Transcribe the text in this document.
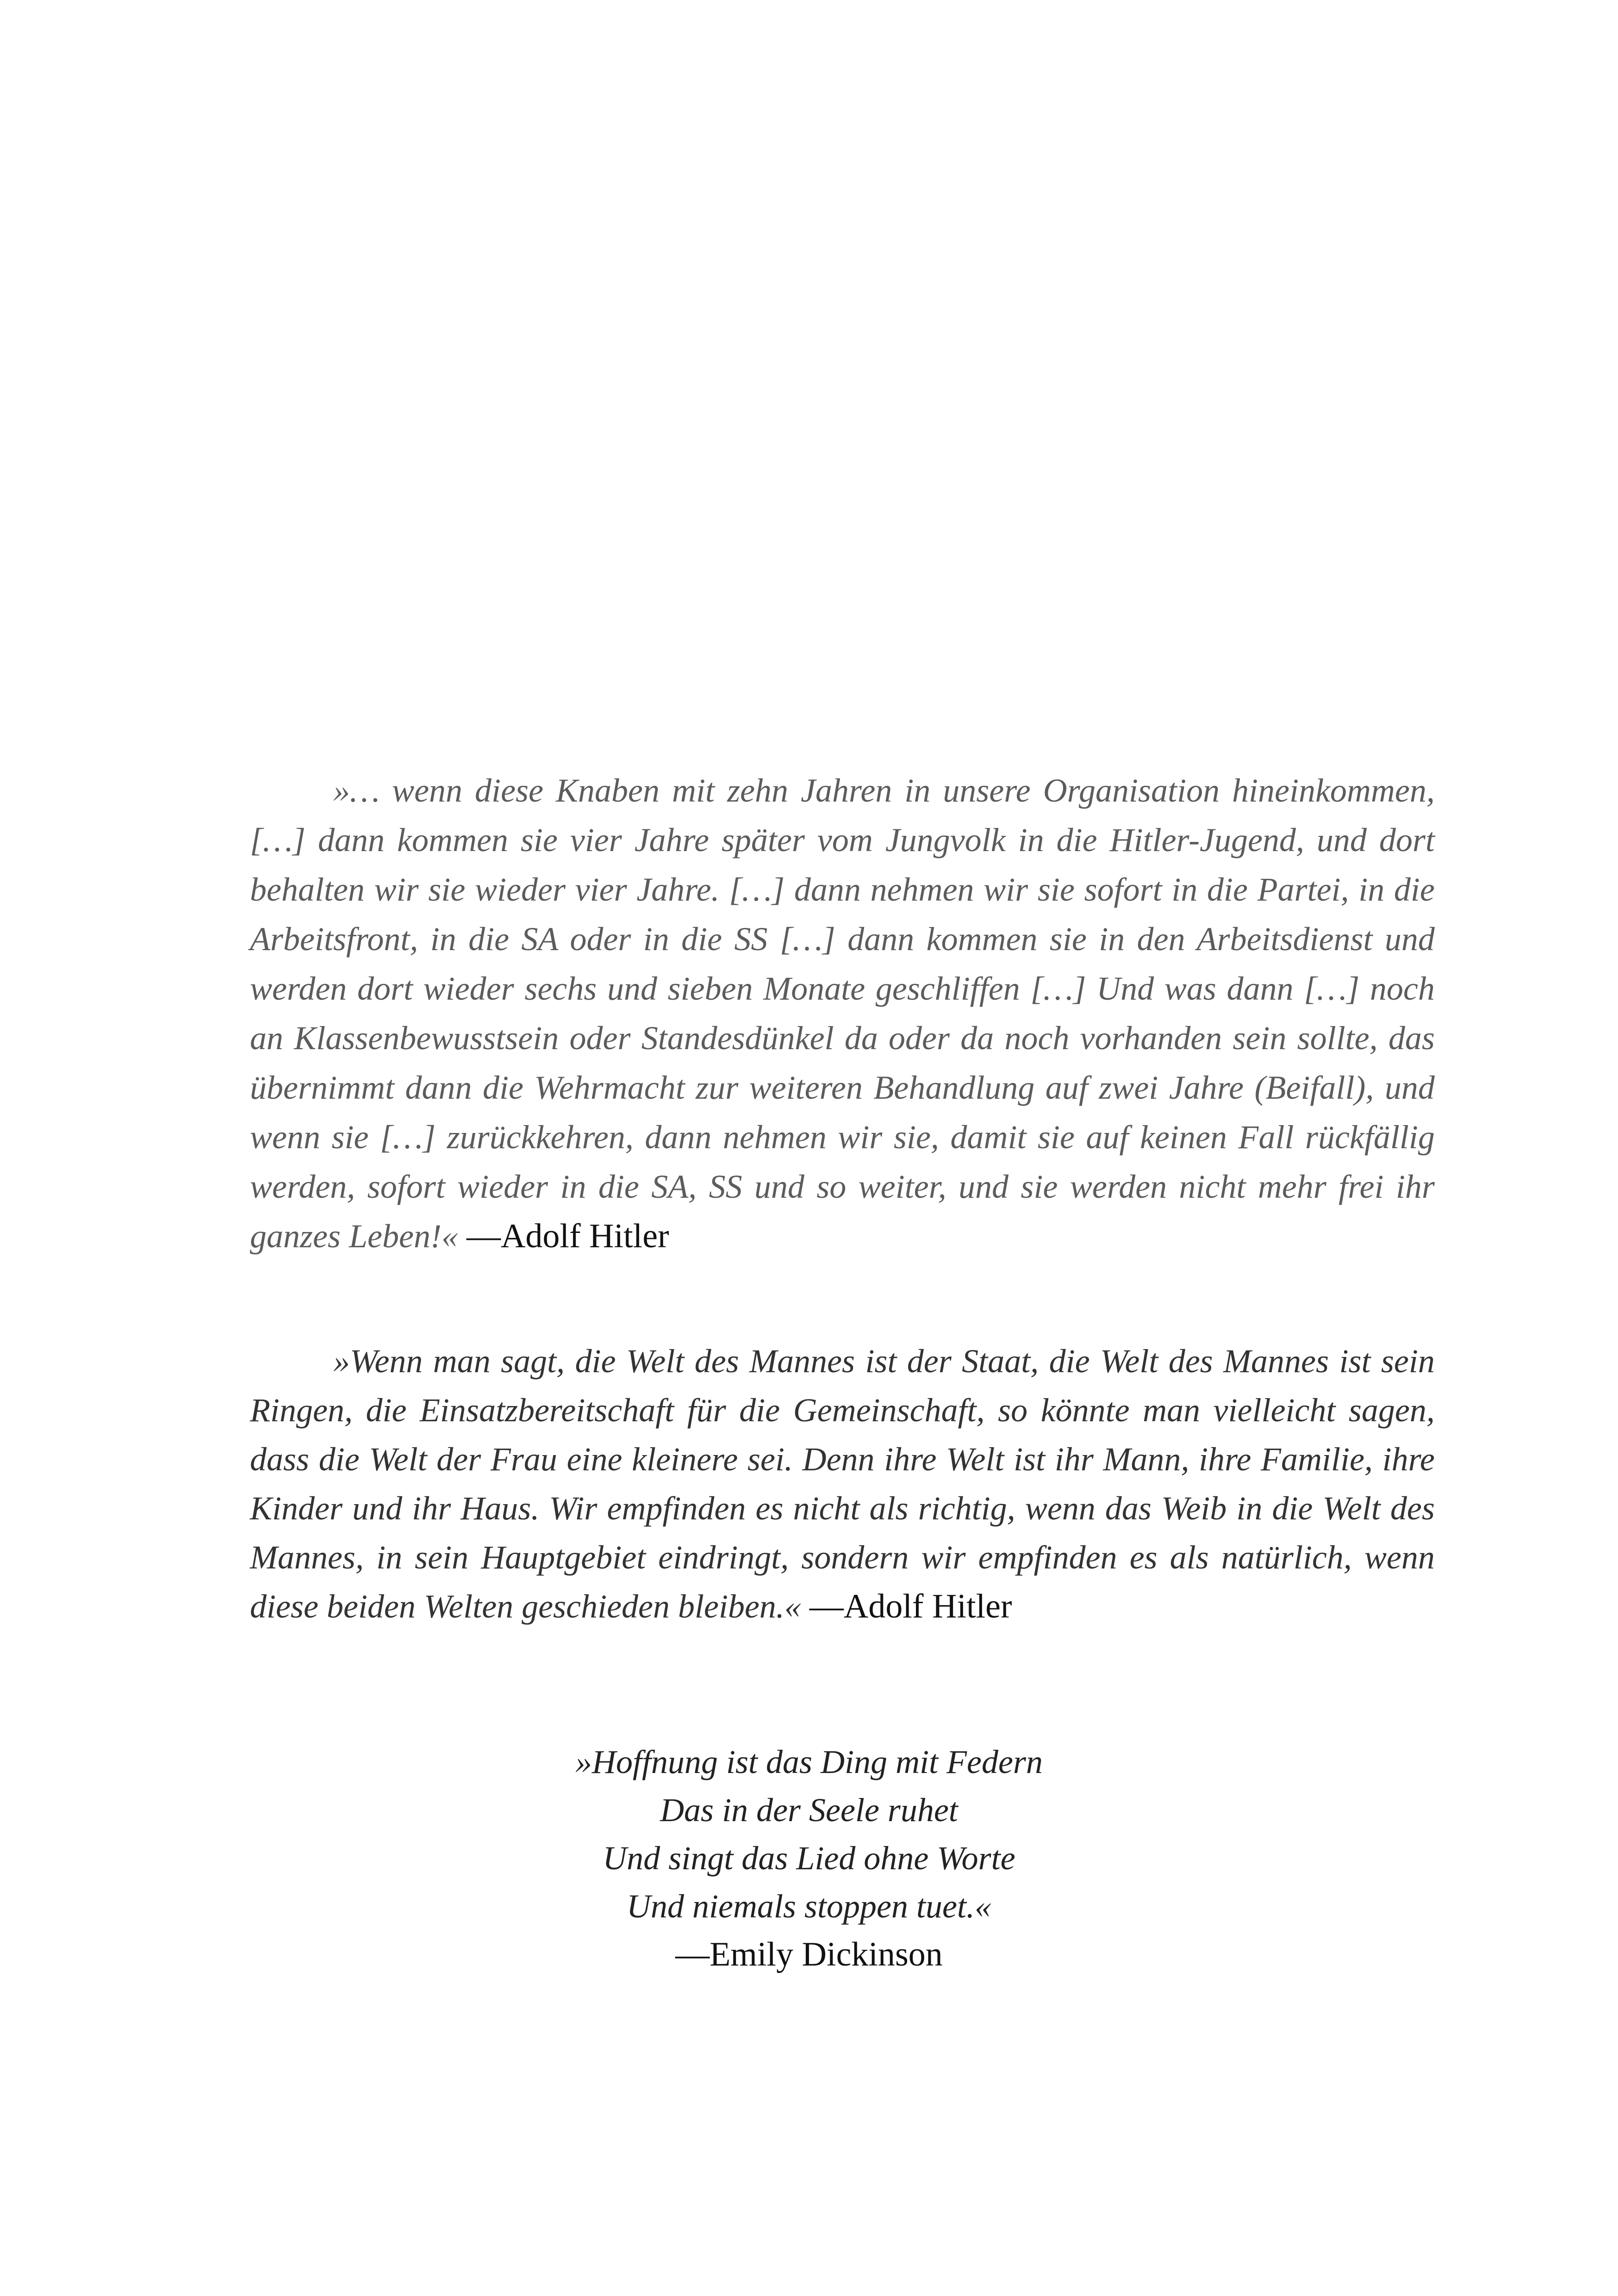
»… wenn diese Knaben mit zehn Jahren in unsere Organisation hineinkommen, […] dann kommen sie vier Jahre später vom Jungvolk in die Hitler-Jugend, und dort behalten wir sie wieder vier Jahre. […] dann nehmen wir sie sofort in die Partei, in die Arbeitsfront, in die SA oder in die SS […] dann kommen sie in den Arbeitsdienst und werden dort wieder sechs und sieben Monate geschliffen […] Und was dann […] noch an Klassenbewusstsein oder Standesdünkel da oder da noch vorhanden sein sollte, das übernimmt dann die Wehrmacht zur weiteren Behandlung auf zwei Jahre (Beifall), und wenn sie […] zurückkehren, dann nehmen wir sie, damit sie auf keinen Fall rückfällig werden, sofort wieder in die SA, SS und so weiter, und sie werden nicht mehr frei ihr ganzes Leben!« —Adolf Hitler

»Wenn man sagt, die Welt des Mannes ist der Staat, die Welt des Mannes ist sein Ringen, die Einsatzbereitschaft für die Gemeinschaft, so könnte man vielleicht sagen, dass die Welt der Frau eine kleinere sei. Denn ihre Welt ist ihr Mann, ihre Familie, ihre Kinder und ihr Haus. Wir empfinden es nicht als richtig, wenn das Weib in die Welt des Mannes, in sein Hauptgebiet eindringt, sondern wir empfinden es als natürlich, wenn diese beiden Welten geschieden bleiben.« —Adolf Hitler

»Hoffnung ist das Ding mit Federn
Das in der Seele ruhet
Und singt das Lied ohne Worte
Und niemals stoppen tuet.«
—Emily Dickinson
